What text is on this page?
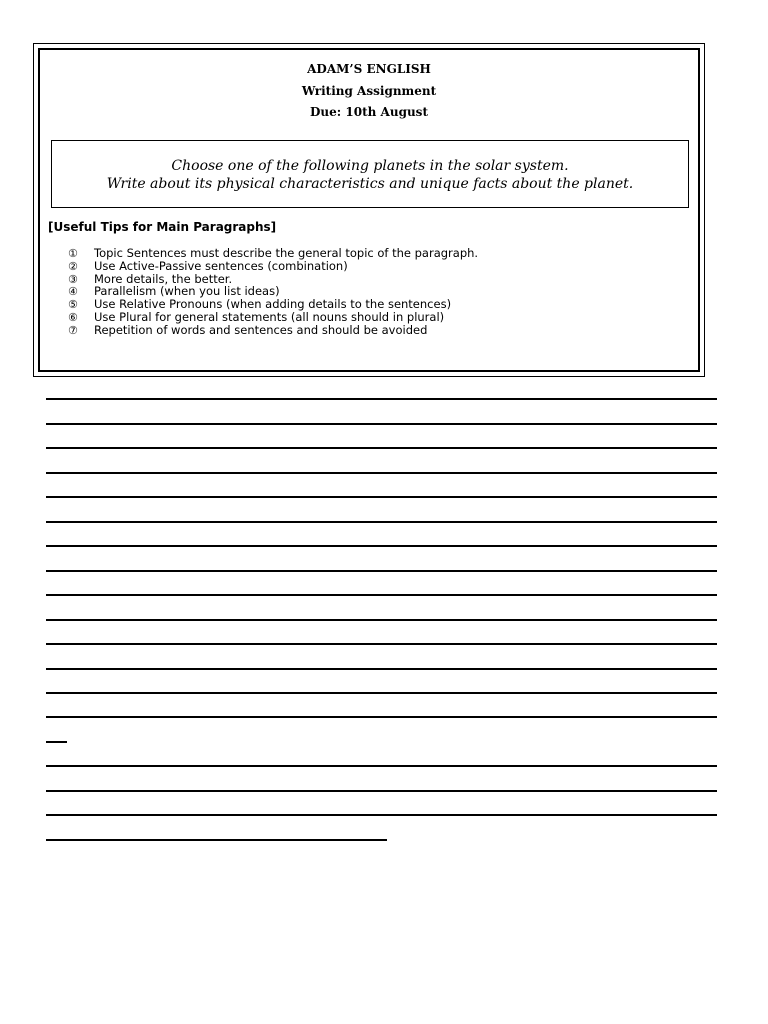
ADAM’S ENGLISH
Writing Assignment
Due: 10th August
Choose one of the following planets in the solar system.
Write about its physical characteristics and unique facts about the planet.
[Useful Tips for Main Paragraphs]
① Topic Sentences must describe the general topic of the paragraph.
② Use Active-Passive sentences (combination)
③ More details, the better.
④ Parallelism (when you list ideas)
⑤ Use Relative Pronouns (when adding details to the sentences)
⑥ Use Plural for general statements (all nouns should in plural)
⑦ Repetition of words and sentences and should be avoided
